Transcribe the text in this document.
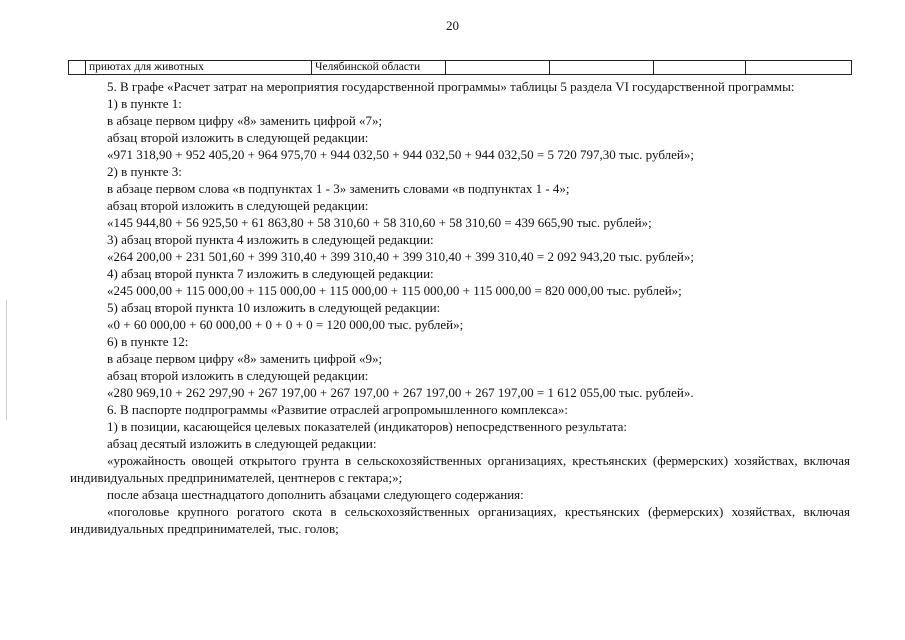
20
приютах для животных	Челябинской области

5. В графе «Расчет затрат на мероприятия государственной программы» таблицы 5 раздела VI государственной программы:

1) в пункте 1:

в абзаце первом цифру «8» заменить цифрой «7»;

абзац второй изложить в следующей редакции:

«971 318,90 + 952 405,20 + 964 975,70 + 944 032,50 + 944 032,50 + 944 032,50 = 5 720 797,30 тыс. рублей»;

2) в пункте 3:

в абзаце первом слова «в подпунктах 1 - 3» заменить словами «в подпунктах 1 - 4»;

абзац второй изложить в следующей редакции:

«145 944,80 + 56 925,50 + 61 863,80 + 58 310,60 + 58 310,60 + 58 310,60 = 439 665,90 тыс. рублей»;

3) абзац второй пункта 4 изложить в следующей редакции:

«264 200,00 + 231 501,60 + 399 310,40 + 399 310,40 + 399 310,40 + 399 310,40 = 2 092 943,20 тыс. рублей»;

4) абзац второй пункта 7 изложить в следующей редакции:

«245 000,00 + 115 000,00 + 115 000,00 + 115 000,00 + 115 000,00 + 115 000,00 = 820 000,00 тыс. рублей»;

5) абзац второй пункта 10 изложить в следующей редакции:

«0 + 60 000,00 + 60 000,00 + 0 + 0 + 0 = 120 000,00 тыс. рублей»;

6) в пункте 12:

в абзаце первом цифру «8» заменить цифрой «9»;

абзац второй изложить в следующей редакции:

«280 969,10 + 262 297,90 + 267 197,00 + 267 197,00 + 267 197,00 + 267 197,00 = 1 612 055,00 тыс. рублей».

6. В паспорте подпрограммы «Развитие отраслей агропромышленного комплекса»:

1) в позиции, касающейся целевых показателей (индикаторов) непосредственного результата:

абзац десятый изложить в следующей редакции:

«урожайность овощей открытого грунта в сельскохозяйственных организациях, крестьянских (фермерских) хозяйствах, включая индивидуальных предпринимателей, центнеров с гектара;»;

после абзаца шестнадцатого дополнить абзацами следующего содержания:

«поголовье крупного рогатого скота в сельскохозяйственных организациях, крестьянских (фермерских) хозяйствах, включая индивидуальных предпринимателей, тыс. голов;
